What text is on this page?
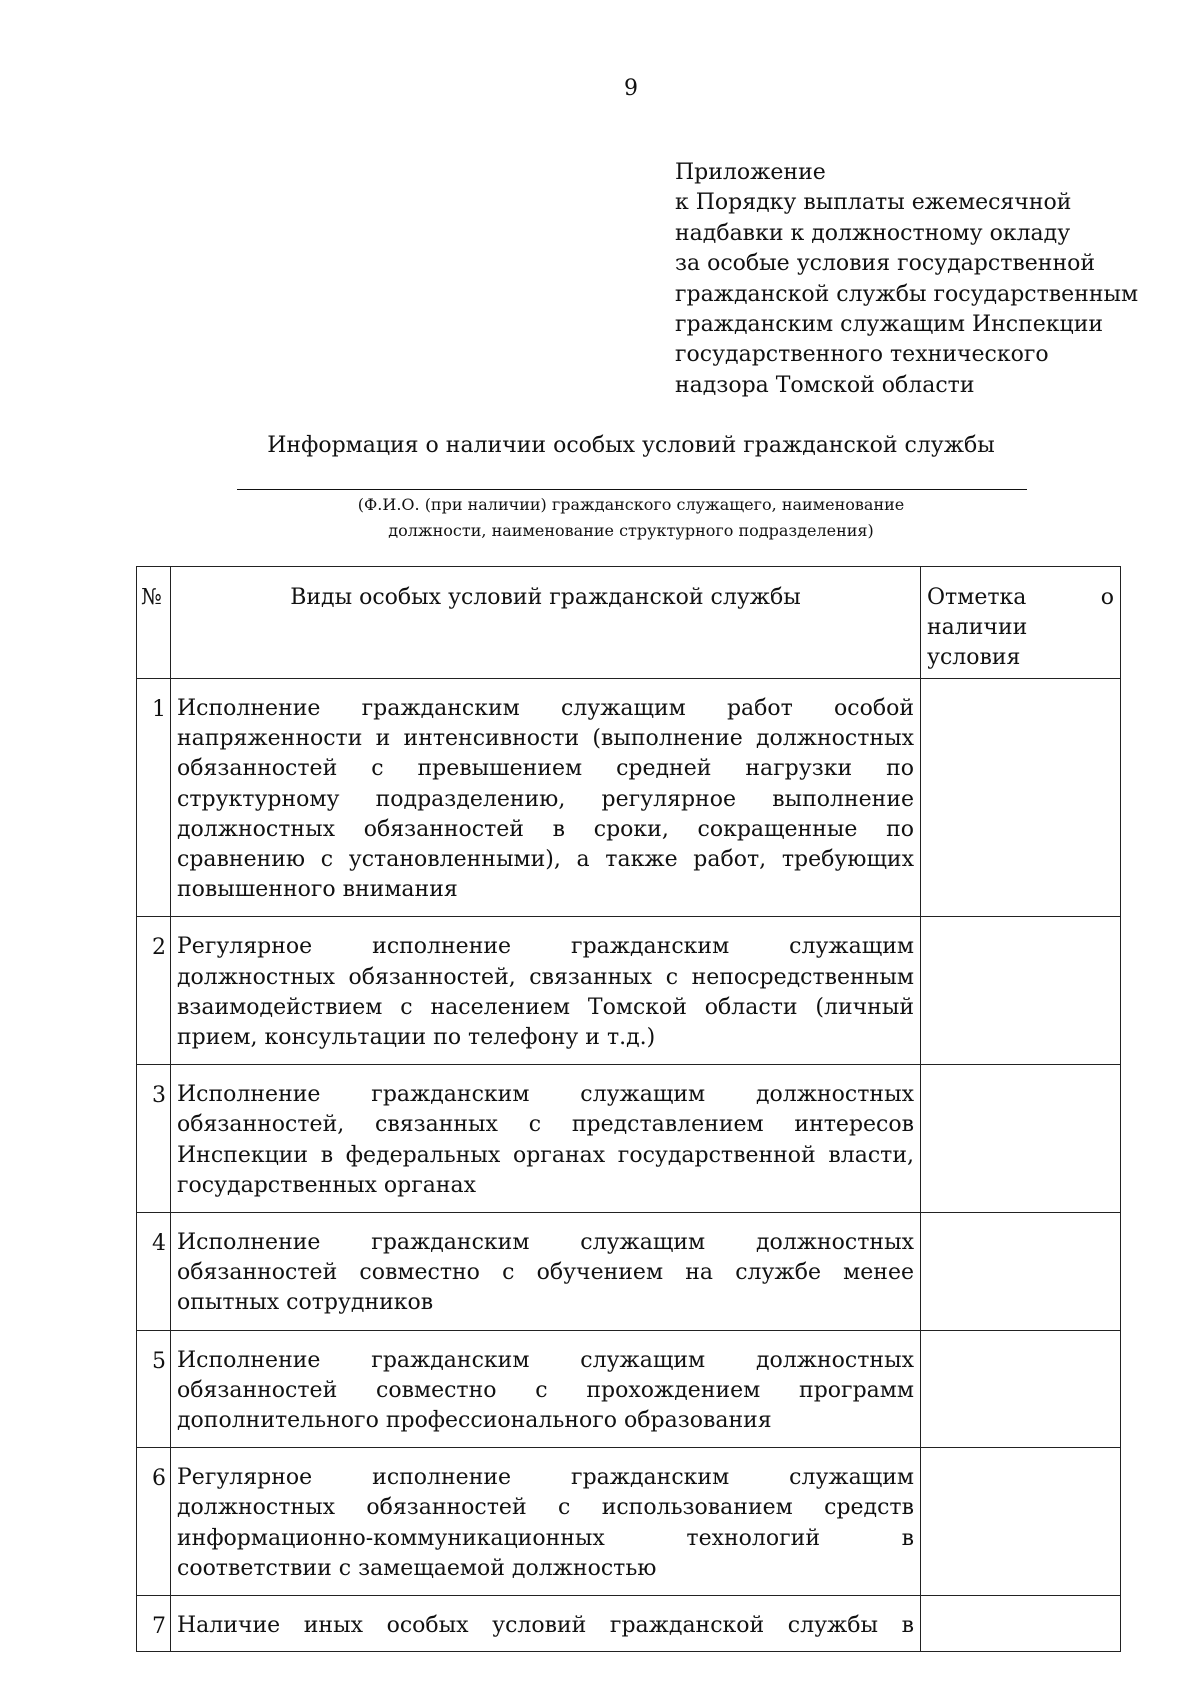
9
Приложение
к Порядку выплаты ежемесячной
надбавки к должностному окладу
за особые условия государственной
гражданской службы государственным
гражданским служащим Инспекции
государственного технического
надзора Томской области
Информация о наличии особых условий гражданской службы
(Ф.И.О. (при наличии) гражданского служащего, наименование
должности, наименование структурного подразделения)
№	Виды особых условий гражданской службы	Отметка о наличии условия
1	Исполнение гражданским служащим работ особой напряженности и интенсивности (выполнение должностных обязанностей с превышением средней нагрузки по структурному подразделению, регулярное выполнение должностных обязанностей в сроки, сокращенные по сравнению с установленными), а также работ, требующих повышенного внимания	
2	Регулярное исполнение гражданским служащим должностных обязанностей, связанных с непосредственным взаимодействием с населением Томской области (личный прием, консультации по телефону и т.д.)	
3	Исполнение гражданским служащим должностных обязанностей, связанных с представлением интересов Инспекции в федеральных органах государственной власти, государственных органах	
4	Исполнение гражданским служащим должностных обязанностей совместно с обучением на службе менее опытных сотрудников	
5	Исполнение гражданским служащим должностных обязанностей совместно с прохождением программ дополнительного профессионального образования	
6	Регулярное исполнение гражданским служащим должностных обязанностей с использованием средств информационно-коммуникационных технологий в соответствии с замещаемой должностью	
7	Наличие иных особых условий гражданской службы в	
